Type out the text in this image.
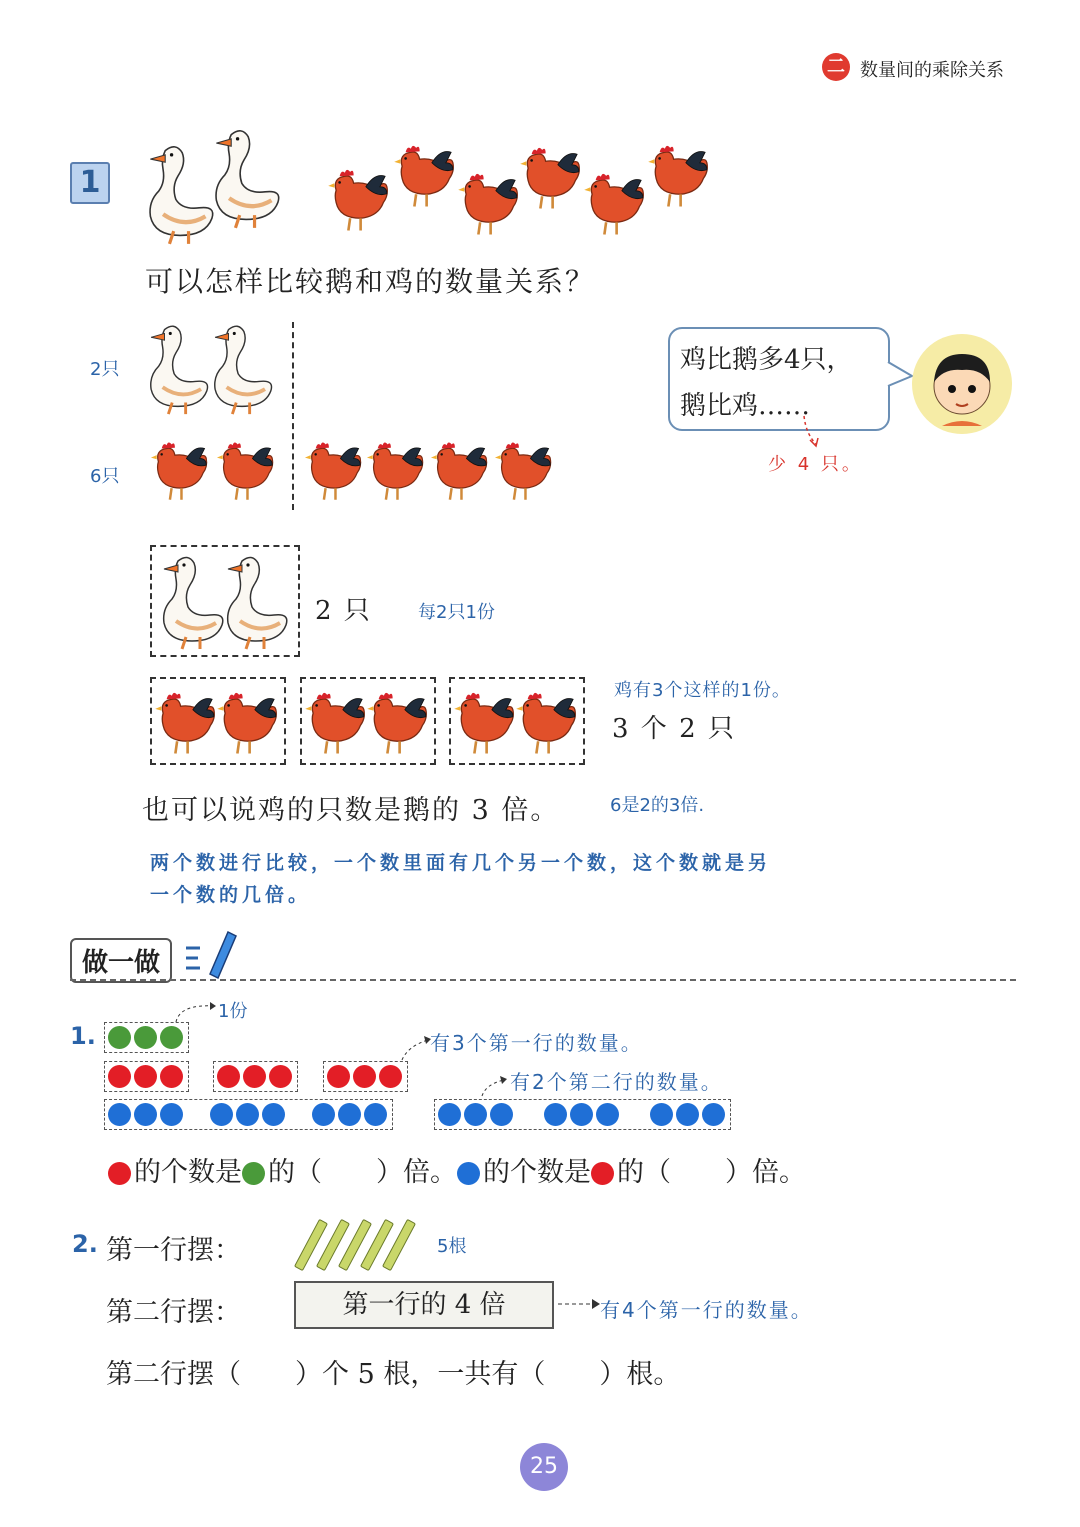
二 数量间的乘除关系
1
可以怎样比较鹅和鸡的数量关系？
2只
6只
鸡比鹅多4只，
鹅比鸡……
少 4 只。
2 只	每2只1份
鸡有3个这样的1份。
3 个 2 只
也可以说鸡的只数是鹅的 3 倍。	6是2的3倍.
两个数进行比较，一个数里面有几个另一个数，这个数就是另
一个数的几倍。
做一做
1.
1份
有3个第一行的数量。
有2个第二行的数量。
的个数是 的（　　）倍。 的个数是 的（　　）倍。
2. 第一行摆：	5根
第二行摆：	第一行的 4 倍	有4个第一行的数量。
第二行摆（　　）个 5 根，一共有（　　）根。
25
